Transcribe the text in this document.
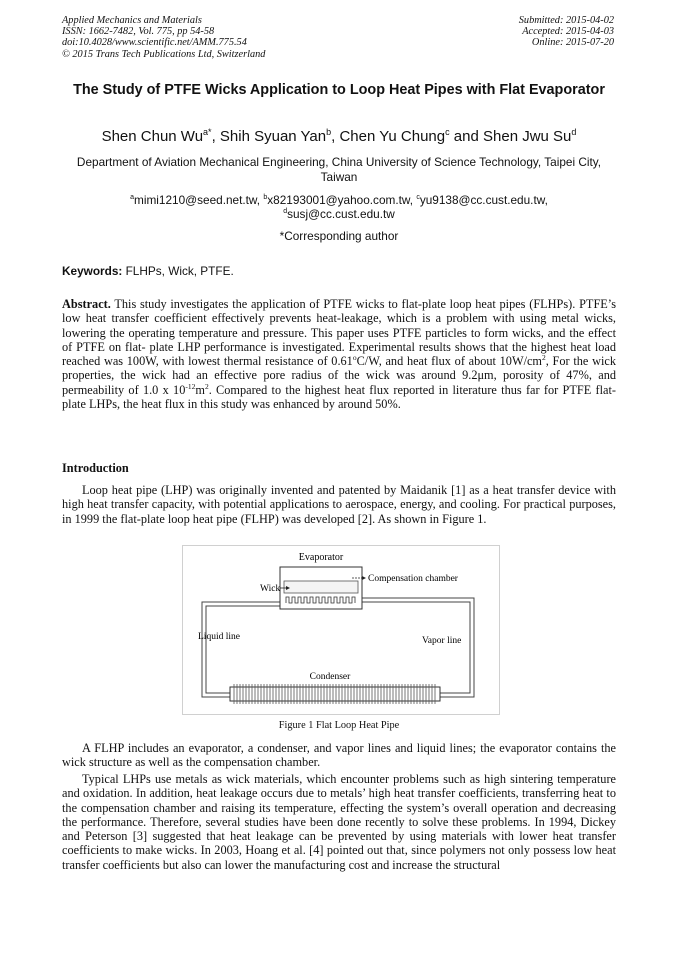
Applied Mechanics and Materials
ISSN: 1662-7482, Vol. 775, pp 54-58
doi:10.4028/www.scientific.net/AMM.775.54
© 2015 Trans Tech Publications Ltd, Switzerland
Submitted: 2015-04-02
Accepted: 2015-04-03
Online: 2015-07-20
The Study of PTFE Wicks Application to Loop Heat Pipes with Flat Evaporator
Shen Chun $Wu^{a*}$, Shih Syuan Yan$^b$, Chen Yu Chung$^c$ and Shen Jwu Su$^d$
Department of Aviation Mechanical Engineering, China University of Science Technology, Taipei City, Taiwan
$^a$mimi1210@seed.net.tw, $^b$x82193001@yahoo.com.tw, $^c$yu9138@cc.cust.edu.tw,
$^d$susj@cc.cust.edu.tw
*Corresponding author
Keywords: FLHPs, Wick, PTFE.
Abstract. This study investigates the application of PTFE wicks to flat-plate loop heat pipes (FLHPs). PTFE’s low heat transfer coefficient effectively prevents heat-leakage, which is a problem with using metal wicks, lowering the operating temperature and pressure. This paper uses PTFE particles to form wicks, and the effect of PTFE on flat- plate LHP performance is investigated. Experimental results shows that the highest heat load reached was 100W, with lowest thermal resistance of 0.61$^o$C/W, and heat flux of about $10W/cm^2$, For the wick properties, the wick had an effective pore radius of the wick was around 9.2μm, porosity of 47%, and permeability of 1.0 x $10^{-12}m^2$. Compared to the highest heat flux reported in literature thus far for PTFE flat-plate LHPs, the heat flux in this study was enhanced by around 50%.
Introduction
Loop heat pipe (LHP) was originally invented and patented by Maidanik [1] as a heat transfer device with high heat transfer capacity, with potential applications to aerospace, energy, and cooling. For practical purposes, in 1999 the flat-plate loop heat pipe (FLHP) was developed [2]. As shown in Figure 1.
Evaporator
Compensation chamber
Wick
Liquid line	Vapor line
Condenser
Figure 1 Flat Loop Heat Pipe
A FLHP includes an evaporator, a condenser, and vapor lines and liquid lines; the evaporator contains the wick structure as well as the compensation chamber.
Typical LHPs use metals as wick materials, which encounter problems such as high sintering temperature and oxidation. In addition, heat leakage occurs due to metals’ high heat transfer coefficients, transferring heat to the compensation chamber and raising its temperature, effecting the system’s overall operation and decreasing the performance. Therefore, several studies have been done recently to solve these problems. In 1994, Dickey and Peterson [3] suggested that heat leakage can be prevented by using materials with lower heat transfer coefficients to make wicks. In 2003, Hoang et al. [4] pointed out that, since polymers not only possess low heat transfer coefficients but also can lower the manufacturing cost and increase the structural
